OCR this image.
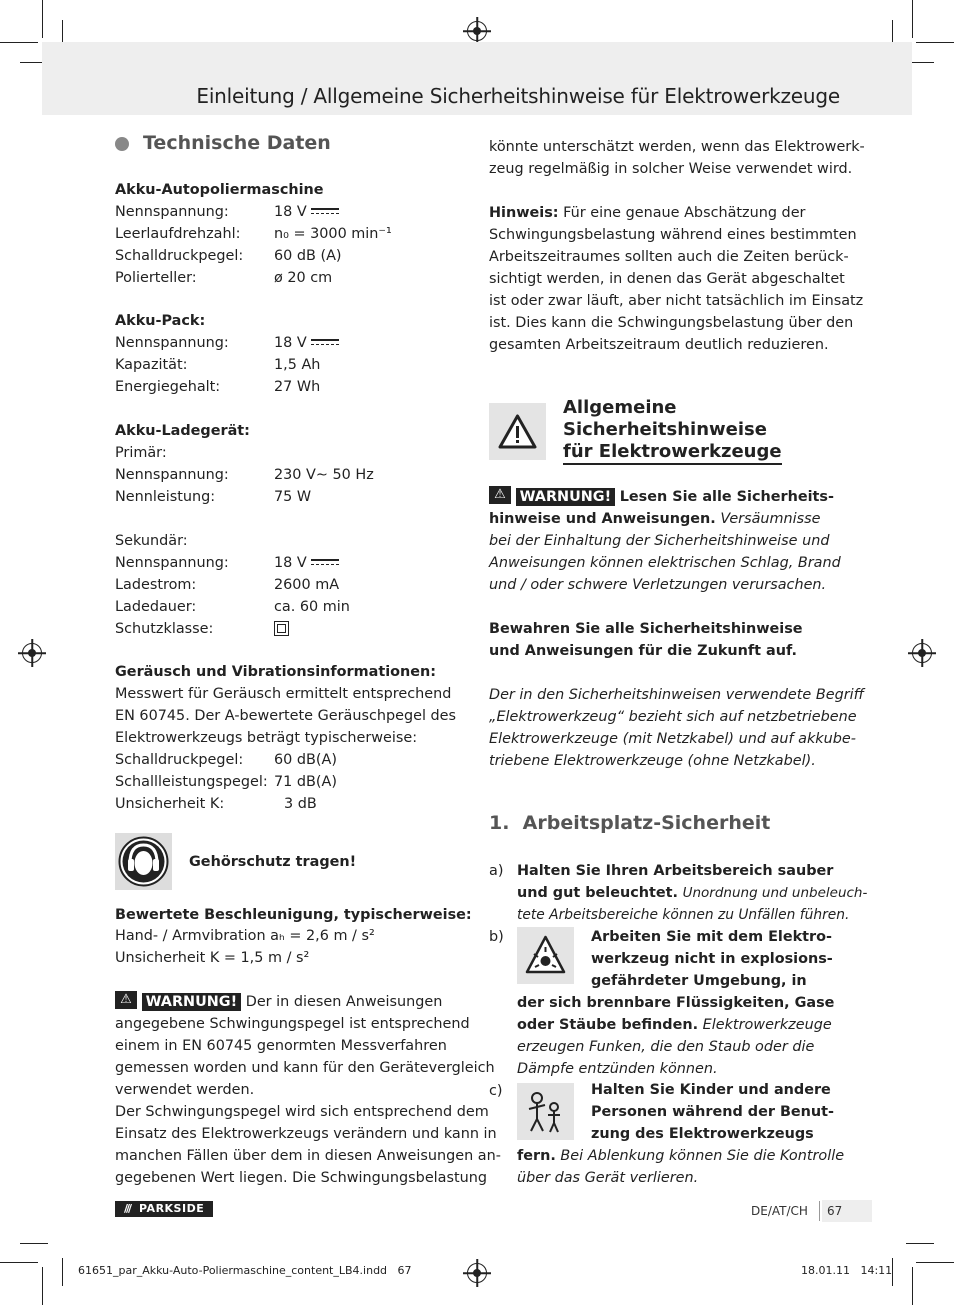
Einleitung / Allgemeine Sicherheitshinweise für Elektrowerkzeuge
Technische Daten
Akku-Autopoliermaschine
Nennspannung:	18 V
Leerlaufdrehzahl: n₀ = 3000 min⁻¹
Schalldruckpegel: 60 dB (A)
Polierteller:	ø 20 cm
Akku-Pack:
Nennspannung:	18 V
Kapazität:	1,5 Ah
Energiegehalt:	27 Wh
Akku-Ladegerät:
Primär:
Nennspannung:	230 V∼ 50 Hz
Nennleistung:	75 W
Sekundär:
Nennspannung:	18 V
Ladestrom:	2600 mA
Ladedauer:	ca. 60 min
Schutzklasse:
Geräusch und Vibrationsinformationen:
Messwert für Geräusch ermittelt entsprechend
EN 60745. Der A-bewertete Geräuschpegel des
Elektrowerkzeugs beträgt typischerweise:
Schalldruckpegel: 60 dB(A)
Schallleistungspegel: 71 dB(A)
Unsicherheit K:	3 dB
Gehörschutz tragen!
Bewertete Beschleunigung, typischerweise:
Hand- / Armvibration aₕ = 2,6 m / s²
Unsicherheit K = 1,5 m / s²
⚠ WARNUNG! Der in diesen Anweisungen
angegebene Schwingungspegel ist entsprechend
einem in EN 60745 genormten Messverfahren
gemessen worden und kann für den Gerätevergleich
verwendet werden.
Der Schwingungspegel wird sich entsprechend dem
Einsatz des Elektrowerkzeugs verändern und kann in
manchen Fällen über dem in diesen Anweisungen an-
gegebenen Wert liegen. Die Schwingungsbelastung
könnte unterschätzt werden, wenn das Elektrowerk-
zeug regelmäßig in solcher Weise verwendet wird.
Hinweis: Für eine genaue Abschätzung der
Schwingungsbelastung während eines bestimmten
Arbeitszeitraumes sollten auch die Zeiten berück-
sichtigt werden, in denen das Gerät abgeschaltet
ist oder zwar läuft, aber nicht tatsächlich im Einsatz
ist. Dies kann die Schwingungsbelastung über den
gesamten Arbeitszeitraum deutlich reduzieren.
Allgemeine
Sicherheitshinweise
für Elektrowerkzeuge
⚠ WARNUNG! Lesen Sie alle Sicherheits-
hinweise und Anweisungen. Versäumnisse
bei der Einhaltung der Sicherheitshinweise und
Anweisungen können elektrischen Schlag, Brand
und / oder schwere Verletzungen verursachen.
Bewahren Sie alle Sicherheitshinweise
und Anweisungen für die Zukunft auf.
Der in den Sicherheitshinweisen verwendete Begriff
„Elektrowerkzeug“ bezieht sich auf netzbetriebene
Elektrowerkzeuge (mit Netzkabel) und auf akkube-
triebene Elektrowerkzeuge (ohne Netzkabel).
1.  Arbeitsplatz-Sicherheit
a) Halten Sie Ihren Arbeitsbereich sauber
und gut beleuchtet. Unordnung und unbeleuch-
tete Arbeitsbereiche können zu Unfällen führen.
b)	Arbeiten Sie mit dem Elektro-
werkzeug nicht in explosions-
gefährdeter Umgebung, in
der sich brennbare Flüssigkeiten, Gase
oder Stäube befinden. Elektrowerkzeuge
erzeugen Funken, die den Staub oder die
Dämpfe entzünden können.
c)	Halten Sie Kinder und andere
Personen während der Benut-
zung des Elektrowerkzeugs
fern. Bei Ablenkung können Sie die Kontrolle
über das Gerät verlieren.
/// PARKSIDE	DE/AT/CH 67
61651_par_Akku-Auto-Poliermaschine_content_LB4.indd   67	18.01.11   14:11
